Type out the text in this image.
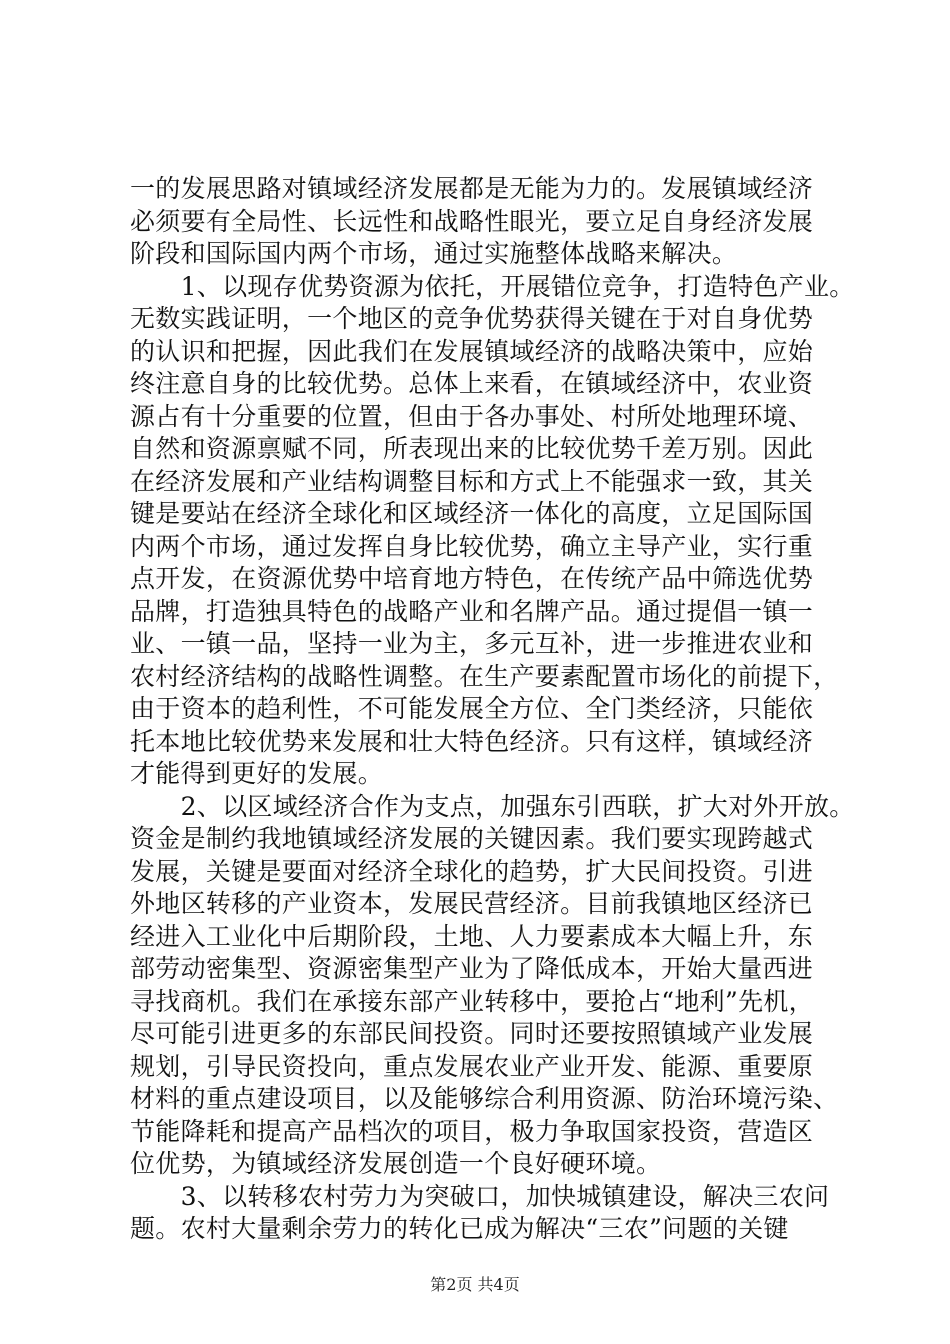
一的发展思路对镇域经济发展都是无能为力的。发展镇域经济
必须要有全局性、长远性和战略性眼光，要立足自身经济发展
阶段和国际国内两个市场，通过实施整体战略来解决。
　　1、以现存优势资源为依托，开展错位竞争，打造特色产业。
无数实践证明，一个地区的竞争优势获得关键在于对自身优势
的认识和把握，因此我们在发展镇域经济的战略决策中，应始
终注意自身的比较优势。总体上来看，在镇域经济中，农业资
源占有十分重要的位置，但由于各办事处、村所处地理环境、
自然和资源禀赋不同，所表现出来的比较优势千差万别。因此
在经济发展和产业结构调整目标和方式上不能强求一致，其关
键是要站在经济全球化和区域经济一体化的高度，立足国际国
内两个市场，通过发挥自身比较优势，确立主导产业，实行重
点开发，在资源优势中培育地方特色，在传统产品中筛选优势
品牌，打造独具特色的战略产业和名牌产品。通过提倡一镇一
业、一镇一品，坚持一业为主，多元互补，进一步推进农业和
农村经济结构的战略性调整。在生产要素配置市场化的前提下，
由于资本的趋利性，不可能发展全方位、全门类经济，只能依
托本地比较优势来发展和壮大特色经济。只有这样，镇域经济
才能得到更好的发展。
　　2、以区域经济合作为支点，加强东引西联，扩大对外开放。
资金是制约我地镇域经济发展的关键因素。我们要实现跨越式
发展，关键是要面对经济全球化的趋势，扩大民间投资。引进
外地区转移的产业资本，发展民营经济。目前我镇地区经济已
经进入工业化中后期阶段，土地、人力要素成本大幅上升，东
部劳动密集型、资源密集型产业为了降低成本，开始大量西进
寻找商机。我们在承接东部产业转移中，要抢占“地利”先机，
尽可能引进更多的东部民间投资。同时还要按照镇域产业发展
规划，引导民资投向，重点发展农业产业开发、能源、重要原
材料的重点建设项目，以及能够综合利用资源、防治环境污染、
节能降耗和提高产品档次的项目，极力争取国家投资，营造区
位优势，为镇域经济发展创造一个良好硬环境。
　　3、以转移农村劳力为突破口，加快城镇建设，解决三农问
题。农村大量剩余劳力的转化已成为解决“三农”问题的关键
第2页 共4页
